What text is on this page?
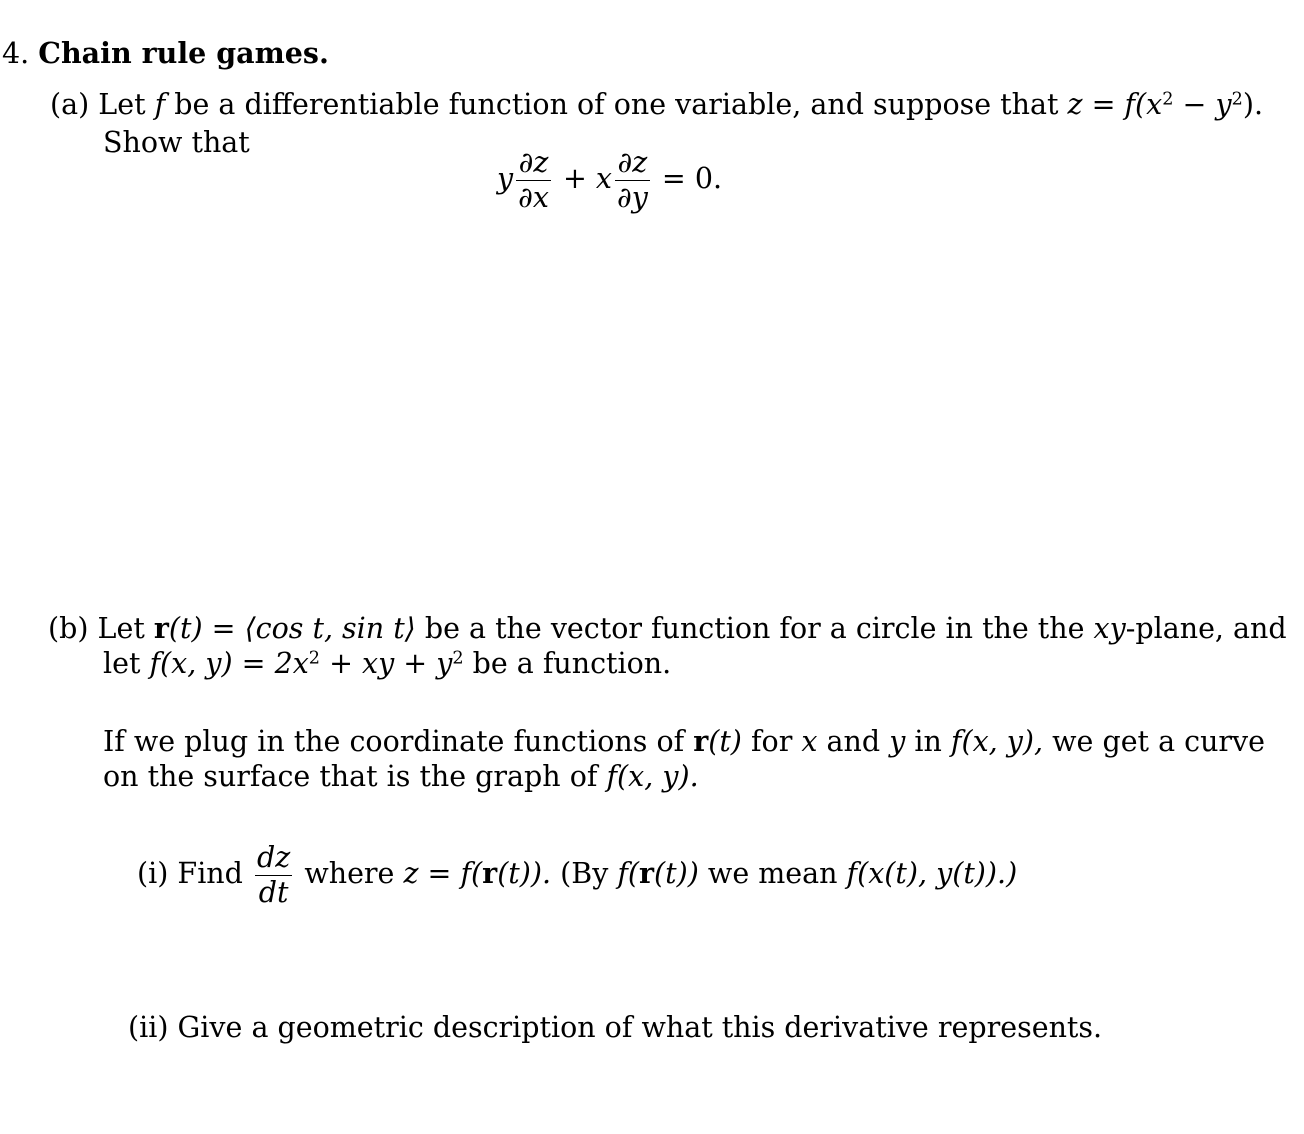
4. Chain rule games.
(a) Let f be a differentiable function of one variable, and suppose that $z = f(x^2 - y^2)$.
Show that
y $\frac{\partial z}{\partial x} + x \frac{\partial z}{\partial y} = 0$.
(b) Let r(t) = ⟨cos t, sin t⟩ be a the vector function for a circle in the the xy-plane, and
let f(x, $y) = 2x^2$ + xy + $y^2$ be a function.
If we plug in the coordinate functions of r(t) for x and y in f(x, y), we get a curve
on the surface that is the graph of f(x, y).
(i) Find $\frac{dz}{dt}$ where z = f(r(t)). (By f(r(t)) we mean f(x(t), y(t)).)
(ii) Give a geometric description of what this derivative represents.
